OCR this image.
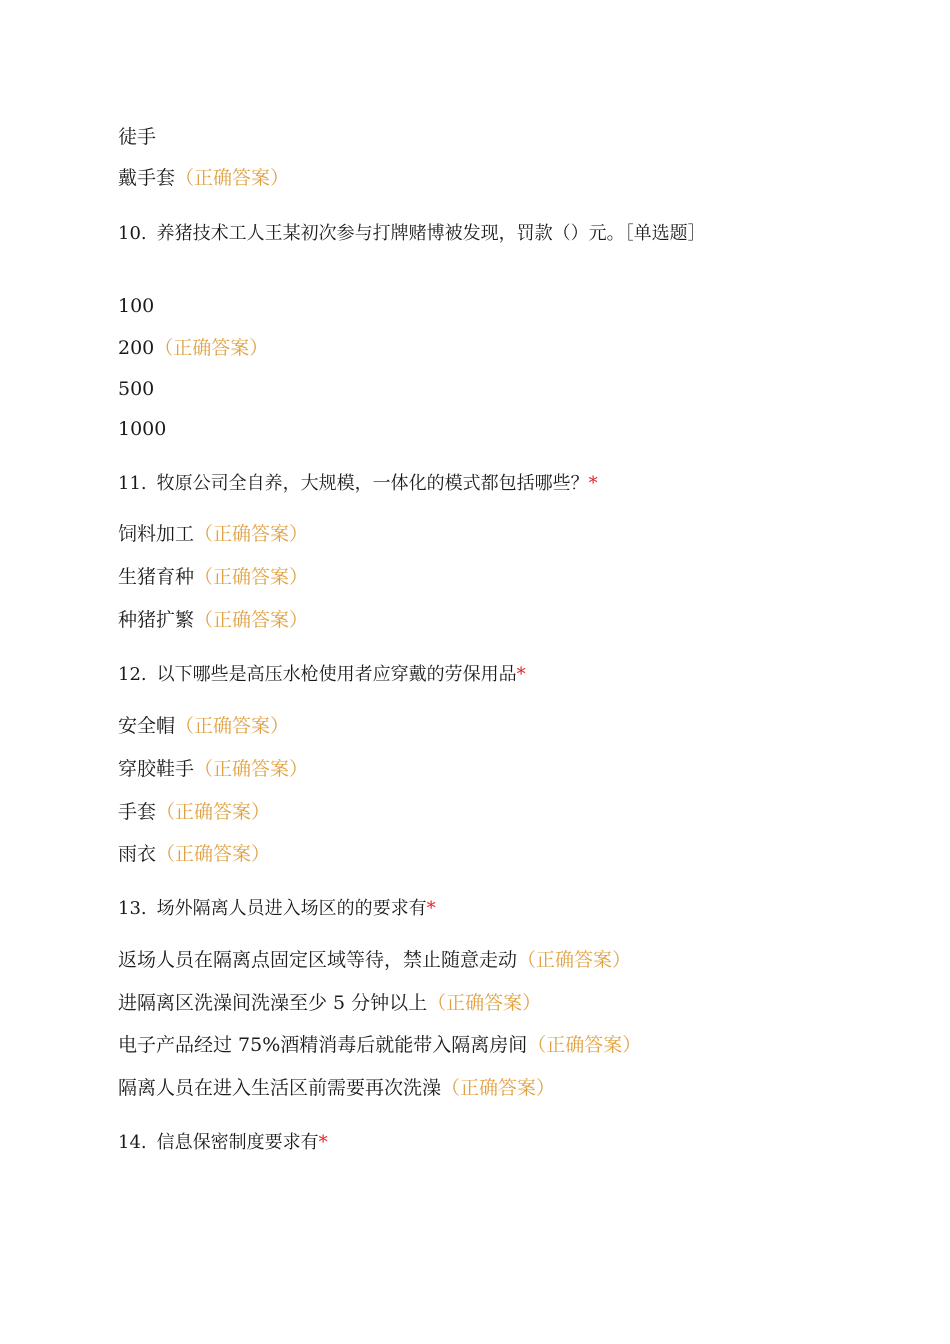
徒手
戴手套（正确答案）
10. 养猪技术工人王某初次参与打牌赌博被发现，罚款（）元。［单选题］
100
200（正确答案）
500
1000
11. 牧原公司全自养，大规模，一体化的模式都包括哪些？*
饲料加工（正确答案）
生猪育种（正确答案）
种猪扩繁（正确答案）
12. 以下哪些是高压水枪使用者应穿戴的劳保用品*
安全帽（正确答案）
穿胶鞋手（正确答案）
手套（正确答案）
雨衣（正确答案）
13. 场外隔离人员进入场区的的要求有*
返场人员在隔离点固定区域等待，禁止随意走动（正确答案）
进隔离区洗澡间洗澡至少 5 分钟以上（正确答案）
电子产品经过 75%酒精消毒后就能带入隔离房间（正确答案）
隔离人员在进入生活区前需要再次洗澡（正确答案）
14. 信息保密制度要求有*
